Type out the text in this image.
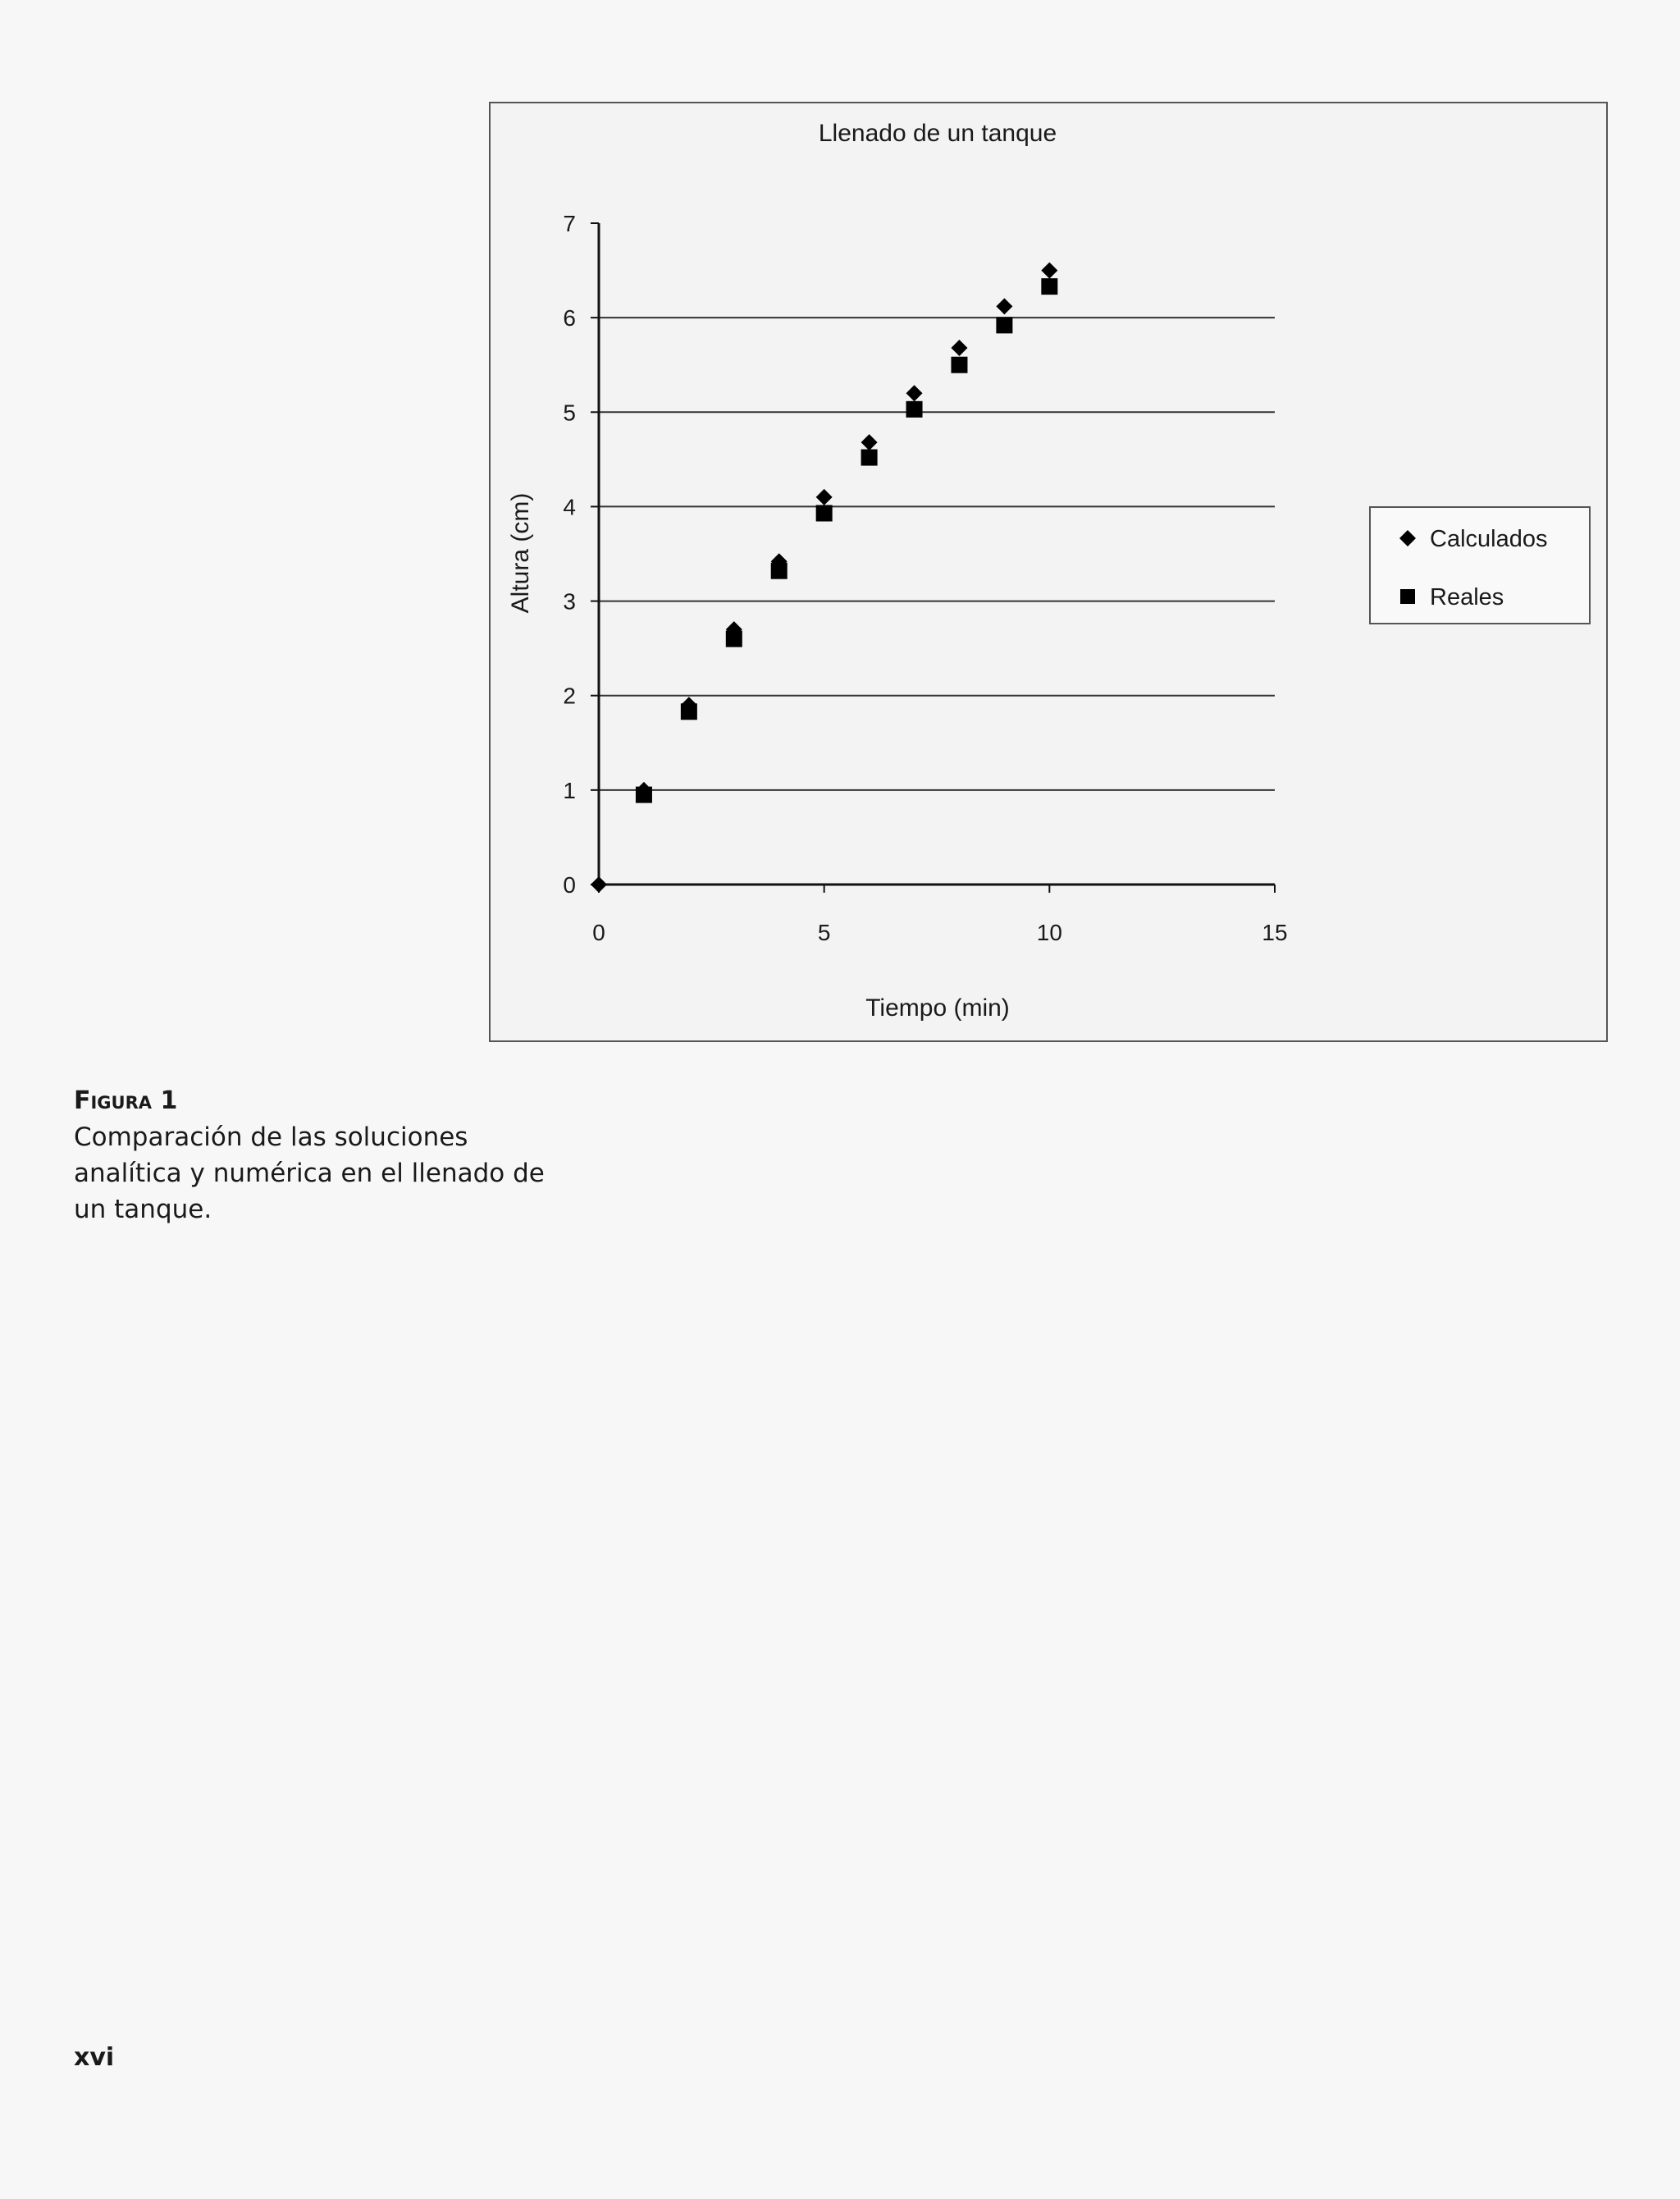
Llenado de un tanque
0
1
2
3
4
5
6
7
0	5	10	15
Tiempo (min)
Altura (cm)	Calculados
Reales
Figura 1
Comparación de las soluciones analítica y numérica en el llenado de un tanque.
xvi
